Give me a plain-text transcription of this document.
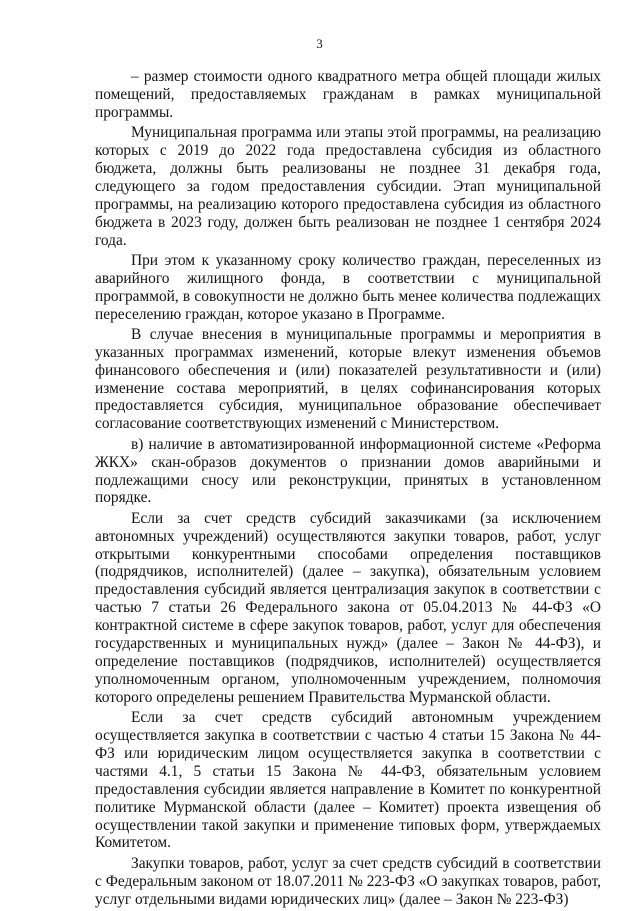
3

– размер стоимости одного квадратного метра общей площади жилых помещений, предоставляемых гражданам в рамках муниципальной программы.

Муниципальная программа или этапы этой программы, на реализацию которых с 2019 до 2022 года предоставлена субсидия из областного бюджета, должны быть реализованы не позднее 31 декабря года, следующего за годом предоставления субсидии. Этап муниципальной программы, на реализацию которого предоставлена субсидия из областного бюджета в 2023 году, должен быть реализован не позднее 1 сентября 2024 года.

При этом к указанному сроку количество граждан, переселенных из аварийного жилищного фонда, в соответствии с муниципальной программой, в совокупности не должно быть менее количества подлежащих переселению граждан, которое указано в Программе.

В случае внесения в муниципальные программы и мероприятия в указанных программах изменений, которые влекут изменения объемов финансового обеспечения и (или) показателей результативности и (или) изменение состава мероприятий, в целях софинансирования которых предоставляется субсидия, муниципальное образование обеспечивает согласование соответствующих изменений с Министерством.

в) наличие в автоматизированной информационной системе «Реформа ЖКХ» скан-образов документов о признании домов аварийными и подлежащими сносу или реконструкции, принятых в установленном порядке.

Если за счет средств субсидий заказчиками (за исключением автономных учреждений) осуществляются закупки товаров, работ, услуг открытыми конкурентными способами определения поставщиков (подрядчиков, исполнителей) (далее – закупка), обязательным условием предоставления субсидий является централизация закупок в соответствии с частью 7 статьи 26 Федерального закона от 05.04.2013 № 44-ФЗ «О контрактной системе в сфере закупок товаров, работ, услуг для обеспечения государственных и муниципальных нужд» (далее – Закон № 44-ФЗ), и определение поставщиков (подрядчиков, исполнителей) осуществляется уполномоченным органом, уполномоченным учреждением, полномочия которого определены решением Правительства Мурманской области.

Если за счет средств субсидий автономным учреждением осуществляется закупка в соответствии с частью 4 статьи 15 Закона № 44-ФЗ или юридическим лицом осуществляется закупка в соответствии с частями 4.1, 5 статьи 15 Закона № 44-ФЗ, обязательным условием предоставления субсидии является направление в Комитет по конкурентной политике Мурманской области (далее – Комитет) проекта извещения об осуществлении такой закупки и применение типовых форм, утверждаемых Комитетом.

Закупки товаров, работ, услуг за счет средств субсидий в соответствии с Федеральным законом от 18.07.2011 № 223-ФЗ «О закупках товаров, работ, услуг отдельными видами юридических лиц» (далее – Закон № 223-ФЗ)
